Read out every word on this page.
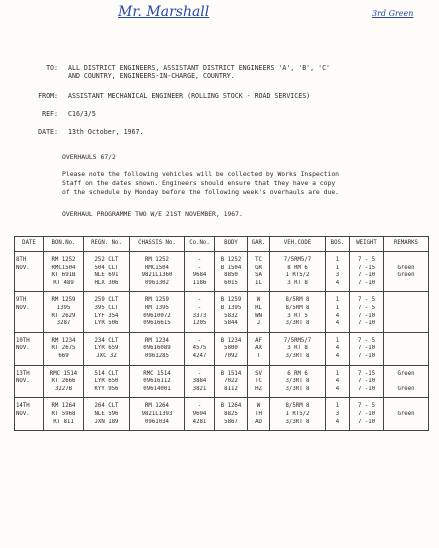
Mr. Marshall	3rd Green
TO: ALL DISTRICT ENGINEERS, ASSISTANT DISTRICT ENGINEERS 'A', 'B', 'C'
AND COUNTRY, ENGINEERS-IN-CHARGE, COUNTRY.
FROM: ASSISTANT MECHANICAL ENGINEER (ROLLING STOCK - ROAD SERVICES)
REF: C16/3/5
DATE: 13th October, 1967.
OVERHAULS 67/2
Please note the following vehicles will be collected by Works Inspection
Staff on the dates shown. Engineers should ensure that they have a copy
of the schedule by Monday before the following week's overhauls are due.
OVERHAUL PROGRAMME TWO W/E 21ST NOVEMBER, 1967.
DATE	BON.No.	REGN. No.	CHASSIS No.	Co.No.	BODY	GAR.	VEH.CODE	BOS.	WEIGHT	REMARKS
8TH	RM 1252	252 CLT	RM 1252	-	B 1252	TC	7/5RM5/7	1	7 - 5	
NOV.	RMC1504	504 CLT	RMC1504	-	B 1504	GR	8 RM 6	1	7 -15	Green
	RT 691B	NLE 691	9821L1360	9684	8850	SA	1 RT5/2	3	7 -10	Green
	RT 489	HLX 306	0961302	1186	6015	IL	3 RT 8	4	7 -10	
9TH	RM 1259	259 CLT	RM 1259	-	B 1259	W	8/5RM 8	1	7 - 5	
NOV.	1395	395 CLT	RM 1395	-	B 1395	RL	8/5RM 8	1	7 - 5	
	RT 2629	LYF 354	09610072	3373	5832	WN	3 RT 5	4	7 -10	
	3287	LYR 506	09616615	1205	5844	J	3/3RT 8	4	7 -10	
10TH	RM 1234	234 CLT	RM 1234	-	B 1234	AF	7/5RM5/7	1	7 - 5	
NOV.	RT 2675	LYR 659	09616089	4575	5800	AX	3 RT 8	4	7 -10	
	669	JXC 32	0961285	4247	7092	T	3/3RT 8	4	7 -10	
13TH	RMC 1514	514 CLT	RMC 1514	-	B 1514	SV	6 RM 6	1	7 -15	Green
NOV.	RT 2666	LYR 650	09616112	3884	7022	TC	3/3RT 8	4	7 -10	
	3227B	KYY 956	09614001	3821	8112	HZ	3/3RT 8	4	7 -10	Green
14TH	RM 1264	264 CLT	RM 1264	-	B 1264	W	8/5RM 8	1	7 - 5	
NOV.	RT 5968	NLE 596	9821L1393	9694	8825	TH	1 RT5/2	3	7 -10	Green
	RT 811	JXN 189	0961034	4281	5867	AD	3/3RT 8	4	7 -10	
